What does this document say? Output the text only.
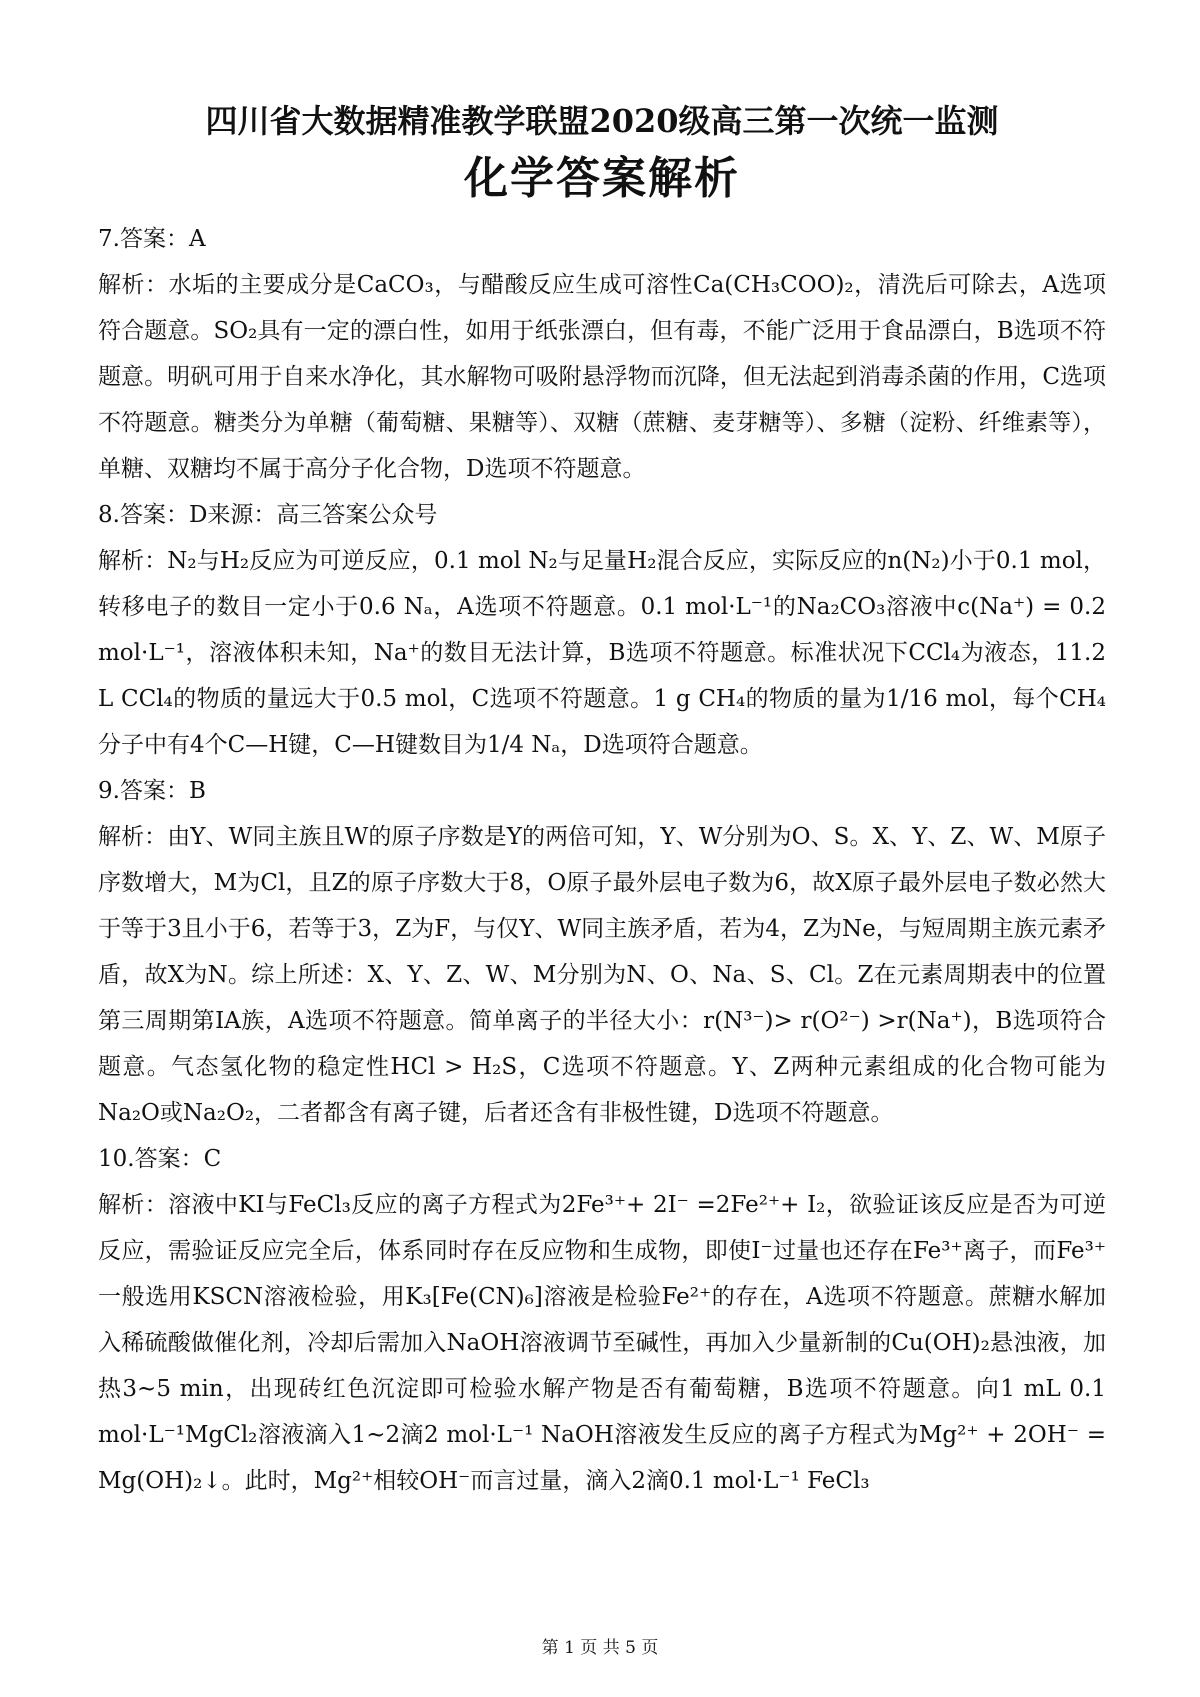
四川省大数据精准教学联盟2020级高三第一次统一监测
化学答案解析

7.答案：A

解析：水垢的主要成分是CaCO₃，与醋酸反应生成可溶性Ca(CH₃COO)₂，清洗后可除去，A选项符合题意。SO₂具有一定的漂白性，如用于纸张漂白，但有毒，不能广泛用于食品漂白，B选项不符题意。明矾可用于自来水净化，其水解物可吸附悬浮物而沉降，但无法起到消毒杀菌的作用，C选项不符题意。糖类分为单糖（葡萄糖、果糖等）、双糖（蔗糖、麦芽糖等）、多糖（淀粉、纤维素等），单糖、双糖均不属于高分子化合物，D选项不符题意。

8.答案：D来源：高三答案公众号

解析：N₂与H₂反应为可逆反应，0.1 mol N₂与足量H₂混合反应，实际反应的n(N₂)小于0.1 mol，转移电子的数目一定小于0.6 Nₐ，A选项不符题意。0.1 mol·L⁻¹的Na₂CO₃溶液中c(Na⁺) = 0.2 mol·L⁻¹，溶液体积未知，Na⁺的数目无法计算，B选项不符题意。标准状况下CCl₄为液态，11.2 L CCl₄的物质的量远大于0.5 mol，C选项不符题意。1 g CH₄的物质的量为1/16 mol，每个CH₄分子中有4个C—H键，C—H键数目为1/4 Nₐ，D选项符合题意。

9.答案：B

解析：由Y、W同主族且W的原子序数是Y的两倍可知，Y、W分别为O、S。X、Y、Z、W、M原子序数增大，M为Cl，且Z的原子序数大于8，O原子最外层电子数为6，故X原子最外层电子数必然大于等于3且小于6，若等于3，Z为F，与仅Y、W同主族矛盾，若为4，Z为Ne，与短周期主族元素矛盾，故X为N。综上所述：X、Y、Z、W、M分别为N、O、Na、S、Cl。Z在元素周期表中的位置第三周期第IA族，A选项不符题意。简单离子的半径大小：r(N³⁻)> r(O²⁻) >r(Na⁺)，B选项符合题意。气态氢化物的稳定性HCl > H₂S，C选项不符题意。Y、Z两种元素组成的化合物可能为Na₂O或Na₂O₂，二者都含有离子键，后者还含有非极性键，D选项不符题意。

10.答案：C

解析：溶液中KI与FeCl₃反应的离子方程式为2Fe³⁺+ 2I⁻ =2Fe²⁺+ I₂，欲验证该反应是否为可逆反应，需验证反应完全后，体系同时存在反应物和生成物，即使I⁻过量也还存在Fe³⁺离子，而Fe³⁺一般选用KSCN溶液检验，用K₃[Fe(CN)₆]溶液是检验Fe²⁺的存在，A选项不符题意。蔗糖水解加入稀硫酸做催化剂，冷却后需加入NaOH溶液调节至碱性，再加入少量新制的Cu(OH)₂悬浊液，加热3~5 min，出现砖红色沉淀即可检验水解产物是否有葡萄糖，B选项不符题意。向1 mL 0.1 mol·L⁻¹MgCl₂溶液滴入1~2滴2 mol·L⁻¹ NaOH溶液发生反应的离子方程式为Mg²⁺ + 2OH⁻ = Mg(OH)₂↓。此时，Mg²⁺相较OH⁻而言过量，滴入2滴0.1 mol·L⁻¹ FeCl₃

第 1 页 共 5 页
